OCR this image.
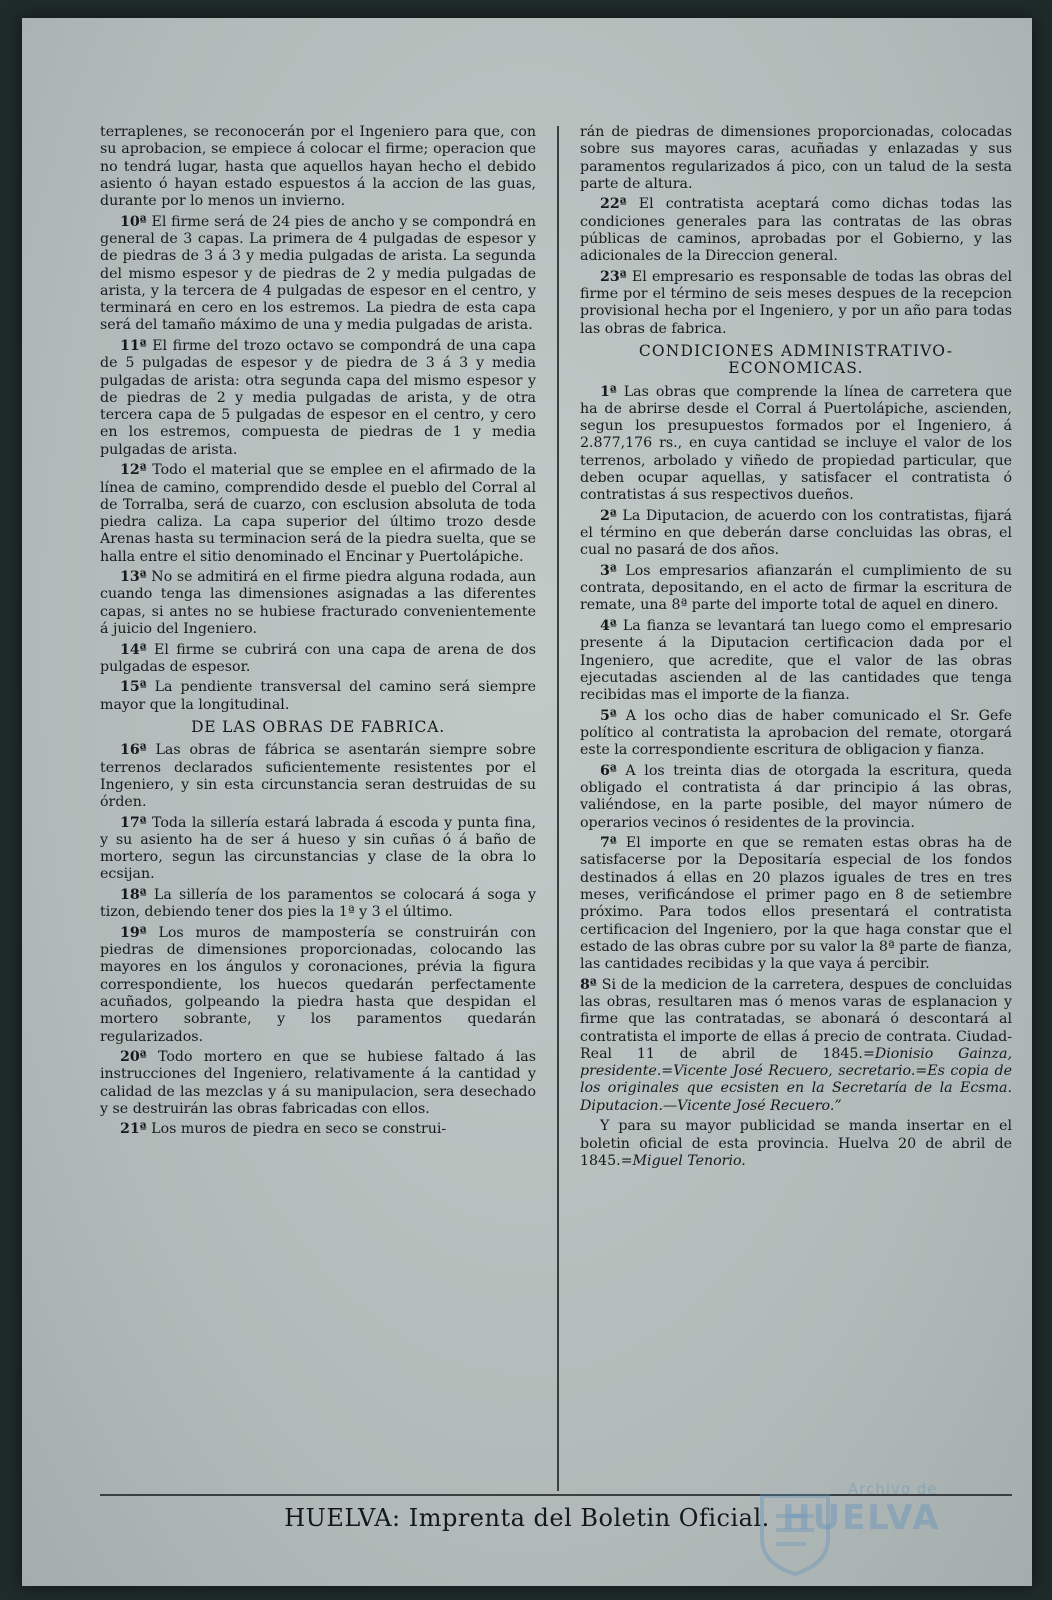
terraplenes, se reconocerán por el Ingeniero para que, con su aprobacion, se empiece á colocar el firme; operacion que no tendrá lugar, hasta que aquellos hayan hecho el debido asiento ó hayan estado espuestos á la accion de las guas, durante por lo menos un invierno.

10ª El firme será de 24 pies de ancho y se compondrá en general de 3 capas. La primera de 4 pulgadas de espesor y de piedras de 3 á 3 y media pulgadas de arista. La segunda del mismo espesor y de piedras de 2 y media pulgadas de arista, y la tercera de 4 pulgadas de espesor en el centro, y terminará en cero en los estremos. La piedra de esta capa será del tamaño máximo de una y media pulgadas de arista.

11ª El firme del trozo octavo se compondrá de una capa de 5 pulgadas de espesor y de piedra de 3 á 3 y media pulgadas de arista: otra segunda capa del mismo espesor y de piedras de 2 y media pulgadas de arista, y de otra tercera capa de 5 pulgadas de espesor en el centro, y cero en los estremos, compuesta de piedras de 1 y media pulgadas de arista.

12ª Todo el material que se emplee en el afirmado de la línea de camino, comprendido desde el pueblo del Corral al de Torralba, será de cuarzo, con esclusion absoluta de toda piedra caliza. La capa superior del último trozo desde Arenas hasta su terminacion será de la piedra suelta, que se halla entre el sitio denominado el Encinar y Puertolápiche.

13ª No se admitirá en el firme piedra alguna rodada, aun cuando tenga las dimensiones asignadas a las diferentes capas, si antes no se hubiese fracturado convenientemente á juicio del Ingeniero.

14ª El firme se cubrirá con una capa de arena de dos pulgadas de espesor.

15ª La pendiente transversal del camino será siempre mayor que la longitudinal.

DE LAS OBRAS DE FABRICA.

16ª Las obras de fábrica se asentarán siempre sobre terrenos declarados suficientemente resistentes por el Ingeniero, y sin esta circunstancia seran destruidas de su órden.

17ª Toda la sillería estará labrada á escoda y punta fina, y su asiento ha de ser á hueso y sin cuñas ó á baño de mortero, segun las circunstancias y clase de la obra lo ecsijan.

18ª La sillería de los paramentos se colocará á soga y tizon, debiendo tener dos pies la 1ª y 3 el último.

19ª Los muros de mampostería se construirán con piedras de dimensiones proporcionadas, colocando las mayores en los ángulos y coronaciones, prévia la figura correspondiente, los huecos quedarán perfectamente acuñados, golpeando la piedra hasta que despidan el mortero sobrante, y los paramentos quedarán regularizados.

20ª Todo mortero en que se hubiese faltado á las instrucciones del Ingeniero, relativamente á la cantidad y calidad de las mezclas y á su manipulacion, sera desechado y se destruirán las obras fabricadas con ellos.

21ª Los muros de piedra en seco se construi-

rán de piedras de dimensiones proporcionadas, colocadas sobre sus mayores caras, acuñadas y enlazadas y sus paramentos regularizados á pico, con un talud de la sesta parte de altura.

22ª El contratista aceptará como dichas todas las condiciones generales para las contratas de las obras públicas de caminos, aprobadas por el Gobierno, y las adicionales de la Direccion general.

23ª El empresario es responsable de todas las obras del firme por el término de seis meses despues de la recepcion provisional hecha por el Ingeniero, y por un año para todas las obras de fabrica.

CONDICIONES ADMINISTRATIVO-ECONOMICAS.

1ª Las obras que comprende la línea de carretera que ha de abrirse desde el Corral á Puertolápiche, ascienden, segun los presupuestos formados por el Ingeniero, á 2.877,176 rs., en cuya cantidad se incluye el valor de los terrenos, arbolado y viñedo de propiedad particular, que deben ocupar aquellas, y satisfacer el contratista ó contratistas á sus respectivos dueños.

2ª La Diputacion, de acuerdo con los contratistas, fijará el término en que deberán darse concluidas las obras, el cual no pasará de dos años.

3ª Los empresarios afianzarán el cumplimiento de su contrata, depositando, en el acto de firmar la escritura de remate, una 8ª parte del importe total de aquel en dinero.

4ª La fianza se levantará tan luego como el empresario presente á la Diputacion certificacion dada por el Ingeniero, que acredite, que el valor de las obras ejecutadas ascienden al de las cantidades que tenga recibidas mas el importe de la fianza.

5ª A los ocho dias de haber comunicado el Sr. Gefe político al contratista la aprobacion del remate, otorgará este la correspondiente escritura de obligacion y fianza.

6ª A los treinta dias de otorgada la escritura, queda obligado el contratista á dar principio á las obras, valiéndose, en la parte posible, del mayor número de operarios vecinos ó residentes de la provincia.

7ª El importe en que se rematen estas obras ha de satisfacerse por la Depositaría especial de los fondos destinados á ellas en 20 plazos iguales de tres en tres meses, verificándose el primer pago en 8 de setiembre próximo. Para todos ellos presentará el contratista certificacion del Ingeniero, por la que haga constar que el estado de las obras cubre por su valor la 8ª parte de fianza, las cantidades recibidas y la que vaya á percibir.

8ª Si de la medicion de la carretera, despues de concluidas las obras, resultaren mas ó menos varas de esplanacion y firme que las contratadas, se abonará ó descontará al contratista el importe de ellas á precio de contrata. Ciudad-Real 11 de abril de 1845.=Dionisio Gainza, presidente.=Vicente José Recuero, secretario.=Es copia de los originales que ecsisten en la Secretaría de la Ecsma. Diputacion.—Vicente José Recuero.”

Y para su mayor publicidad se manda insertar en el boletin oficial de esta provincia. Huelva 20 de abril de 1845.=Miguel Tenorio.

HUELVA: Imprenta del Boletin Oficial.
Archivo de
HUELVA
